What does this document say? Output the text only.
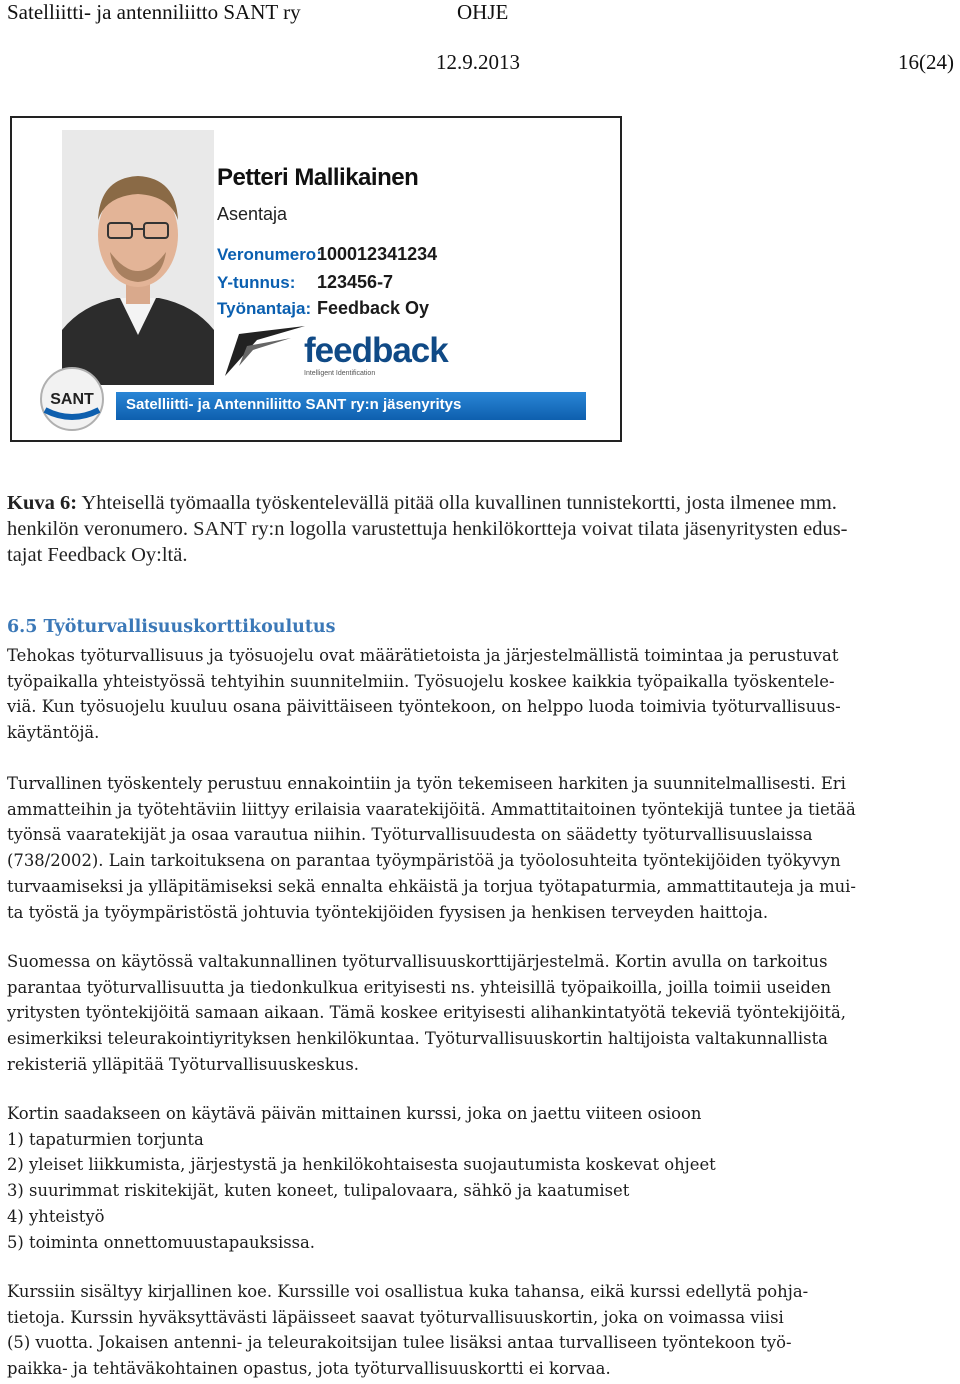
Satelliitti- ja antenniliitto SANT ry	OHJE
12.9.2013	16(24)
Petteri Mallikainen
Asentaja
Veronumero:
100012341234
Y-tunnus: 123456-7
Työnantaja: Feedback Oy
feedback
Intelligent Identification
SANT Satelliitti- ja Antenniliitto SANT ry:n jäsenyritys
Kuva 6: Yhteisellä työmaalla työskentelevällä pitää olla kuvallinen tunnistekortti, josta ilmenee mm.
henkilön veronumero. SANT ry:n logolla varustettuja henkilökortteja voivat tilata jäsenyritysten edus-
tajat Feedback Oy:ltä.
6.5 Työturvallisuuskorttikoulutus
Tehokas työturvallisuus ja työsuojelu ovat määrätietoista ja järjestelmällistä toimintaa ja perustuvat
työpaikalla yhteistyössä tehtyihin suunnitelmiin. Työsuojelu koskee kaikkia työpaikalla työskentele-
viä. Kun työsuojelu kuuluu osana päivittäiseen työntekoon, on helppo luoda toimivia työturvallisuus-
käytäntöjä.
Turvallinen työskentely perustuu ennakointiin ja työn tekemiseen harkiten ja suunnitelmallisesti. Eri
ammatteihin ja työtehtäviin liittyy erilaisia vaaratekijöitä. Ammattitaitoinen työntekijä tuntee ja tietää
työnsä vaaratekijät ja osaa varautua niihin. Työturvallisuudesta on säädetty työturvallisuuslaissa
(738/2002). Lain tarkoituksena on parantaa työympäristöä ja työolosuhteita työntekijöiden työkyvyn
turvaamiseksi ja ylläpitämiseksi sekä ennalta ehkäistä ja torjua työtapaturmia, ammattitauteja ja mui-
ta työstä ja työympäristöstä johtuvia työntekijöiden fyysisen ja henkisen terveyden haittoja.
Suomessa on käytössä valtakunnallinen työturvallisuuskorttijärjestelmä. Kortin avulla on tarkoitus
parantaa työturvallisuutta ja tiedonkulkua erityisesti ns. yhteisillä työpaikoilla, joilla toimii useiden
yritysten työntekijöitä samaan aikaan. Tämä koskee erityisesti alihankintatyötä tekeviä työntekijöitä,
esimerkiksi teleurakointiyrityksen henkilökuntaa. Työturvallisuuskortin haltijoista valtakunnallista
rekisteriä ylläpitää Työturvallisuuskeskus.
Kortin saadakseen on käytävä päivän mittainen kurssi, joka on jaettu viiteen osioon
1) tapaturmien torjunta
2) yleiset liikkumista, järjestystä ja henkilökohtaisesta suojautumista koskevat ohjeet
3) suurimmat riskitekijät, kuten koneet, tulipalovaara, sähkö ja kaatumiset
4) yhteistyö
5) toiminta onnettomuustapauksissa.
Kurssiin sisältyy kirjallinen koe. Kurssille voi osallistua kuka tahansa, eikä kurssi edellytä pohja-
tietoja. Kurssin hyväksyttävästi läpäisseet saavat työturvallisuuskortin, joka on voimassa viisi
(5) vuotta. Jokaisen antenni- ja teleurakoitsijan tulee lisäksi antaa turvalliseen työntekoon työ-
paikka- ja tehtäväkohtainen opastus, jota työturvallisuuskortti ei korvaa.
